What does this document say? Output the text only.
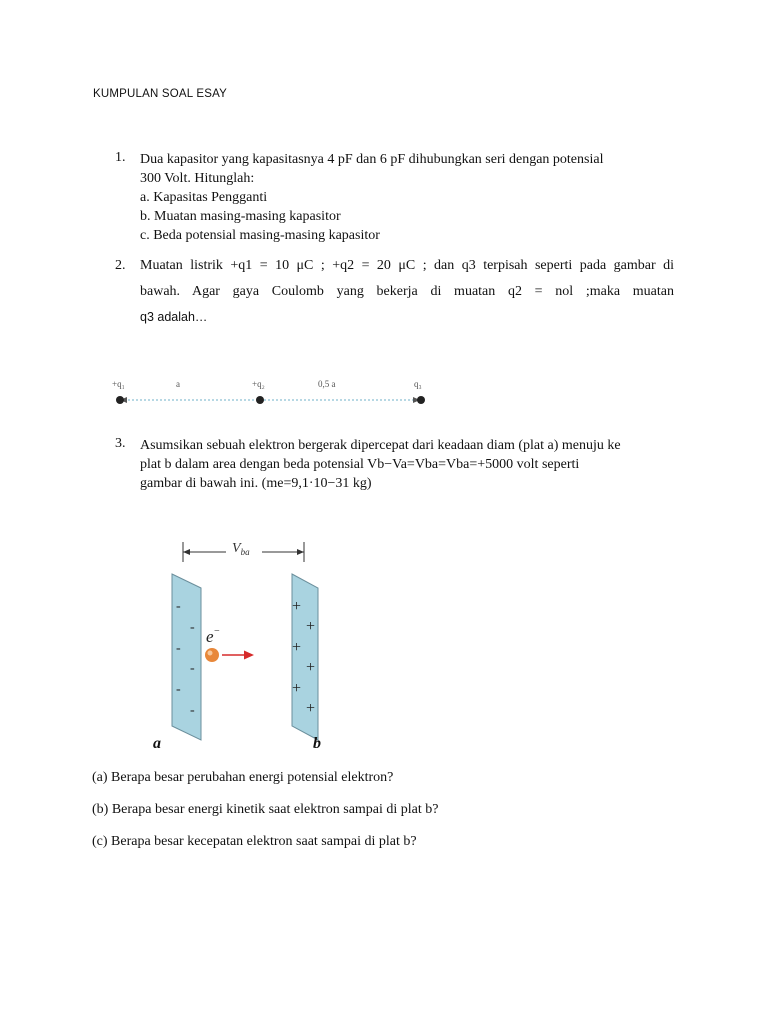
KUMPULAN SOAL ESAY
1. Dua kapasitor yang kapasitasnya 4 pF dan 6 pF dihubungkan seri dengan potensial
300 Volt. Hitunglah:
a. Kapasitas Pengganti
b. Muatan masing-masing kapasitor
c. Beda potensial masing-masing kapasitor
2. Muatan listrik +q1 = 10 μC ; +q2 = 20 μC ; dan q3 terpisah seperti pada gambar di
bawah. Agar gaya Coulomb yang bekerja di muatan q2 = nol ;maka muatan
q3 adalah…
+q₁	a	+q₂	0,5 a	q₃
3. Asumsikan sebuah elektron bergerak dipercepat dari keadaan diam (plat a) menuju ke
plat b dalam area dengan beda potensial Vb−Va=Vba=Vba=+5000 volt seperti
gambar di bawah ini. (me=9,1·10−31 kg)
$V_{ba}$
-
-
-
-
-
-
+
+
+
+
+
+
e−
a	b
(a) Berapa besar perubahan energi potensial elektron?
(b) Berapa besar energi kinetik saat elektron sampai di plat b?
(c) Berapa besar kecepatan elektron saat sampai di plat b?
